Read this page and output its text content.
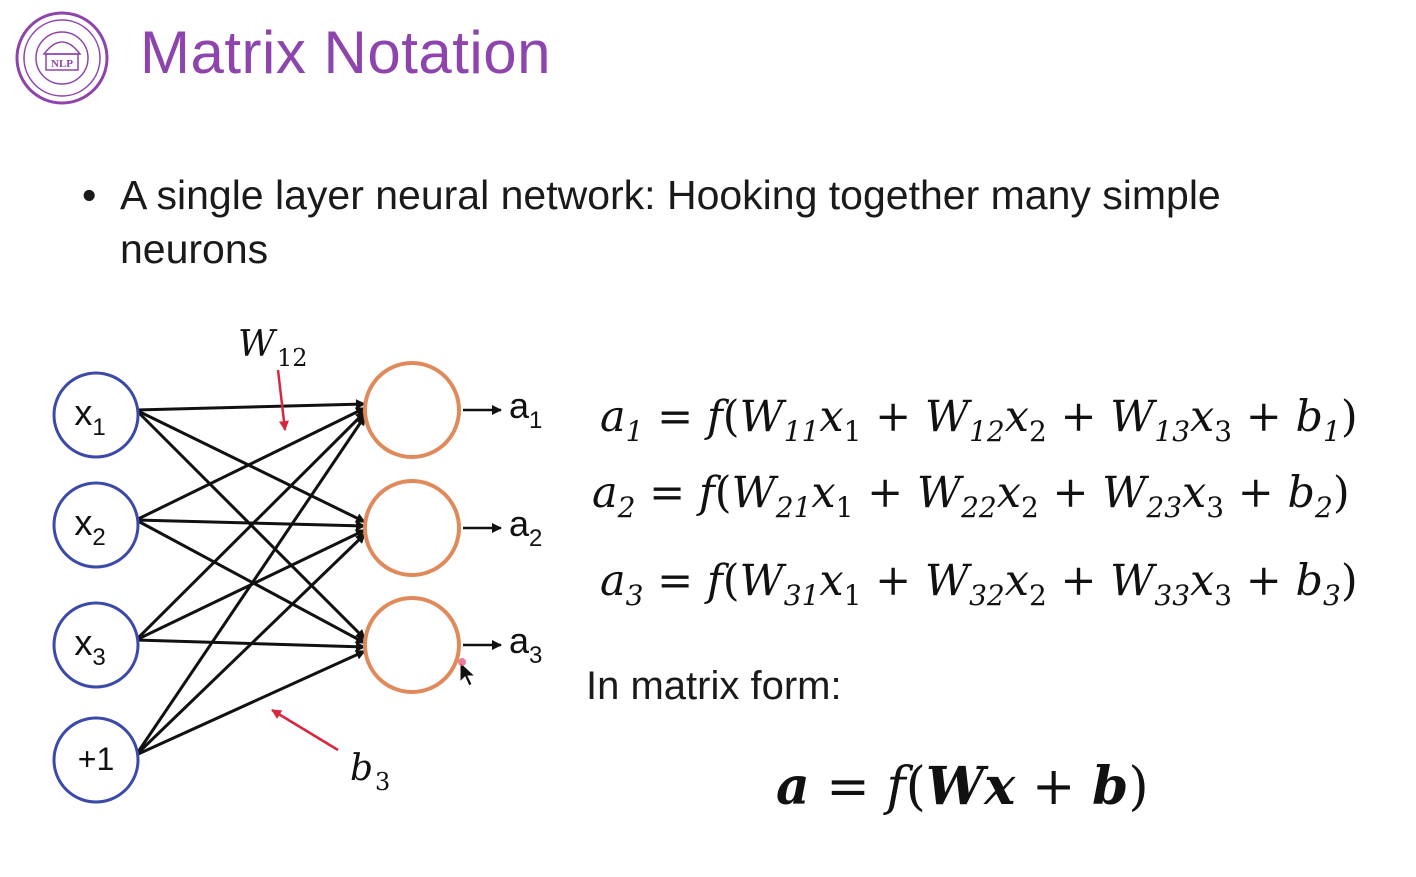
NLP Matrix Notation
• A single layer neural network: Hooking together many simple neurons
$x_1$
$x_2$
$x_3$
+1
$a_1$
$a_2$
$a_3$
$W_{12}$
$b_3$
$a_1 = f(W_{11}x_1 + W_{12}x_2 + W_{13}x_3 + b_1)$
$a_2 = f(W_{21}x_1 + W_{22}x_2 + W_{23}x_3 + b_2)$
$a_3 = f(W_{31}x_1 + W_{32}x_2 + W_{33}x_3 + b_3)$
In matrix form:
a = f(Wx + b)
